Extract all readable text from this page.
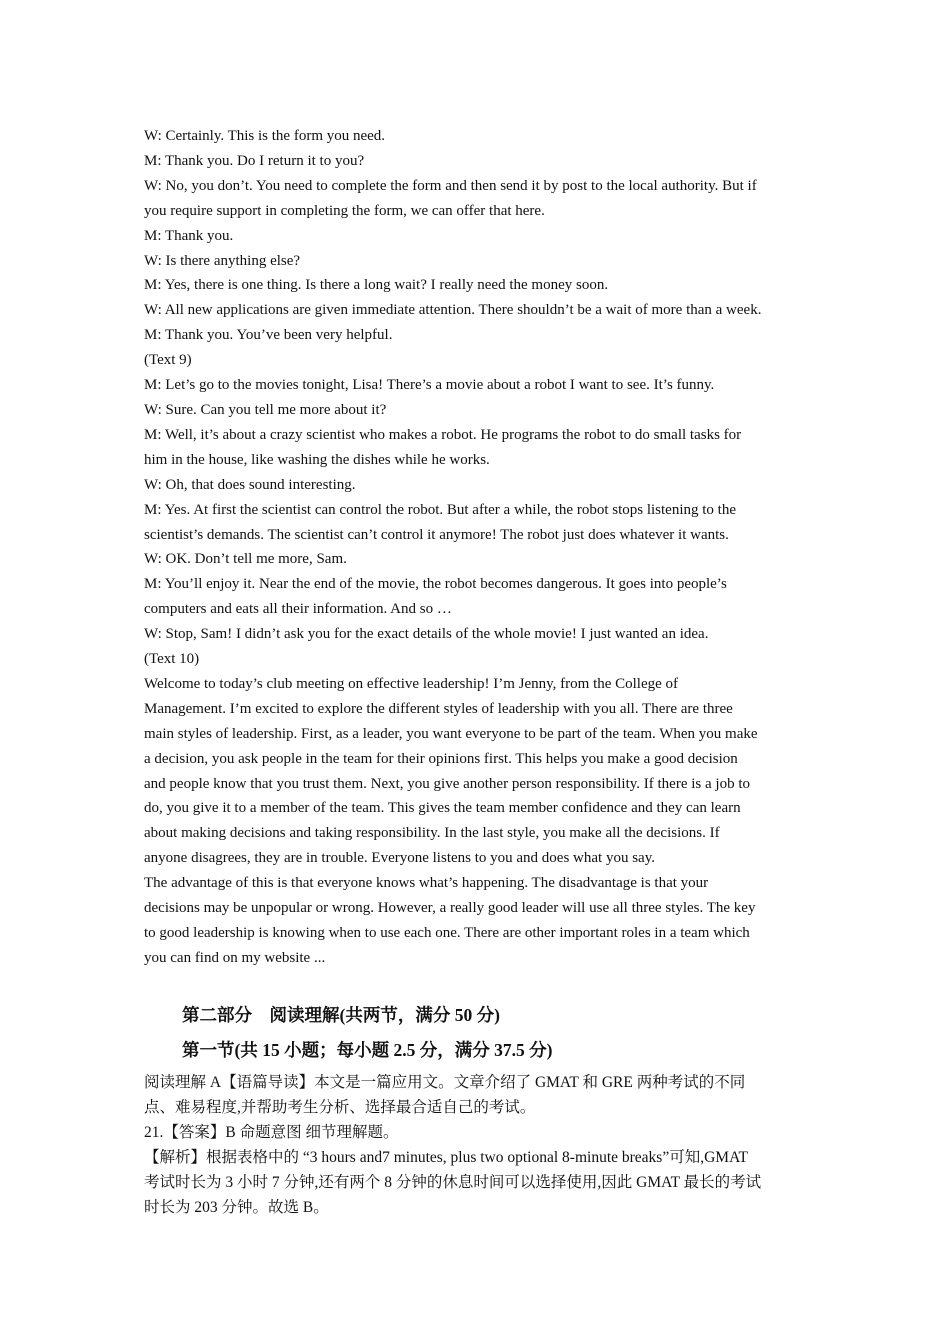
W: Certainly. This is the form you need.
M: Thank you. Do I return it to you?
W: No, you don’t. You need to complete the form and then send it by post to the local authority. But if
you require support in completing the form, we can offer that here.
M: Thank you.
W: Is there anything else?
M: Yes, there is one thing. Is there a long wait? I really need the money soon.
W: All new applications are given immediate attention. There shouldn’t be a wait of more than a week.
M: Thank you. You’ve been very helpful.
(Text 9)
M: Let’s go to the movies tonight, Lisa! There’s a movie about a robot I want to see. It’s funny.
W: Sure. Can you tell me more about it?
M: Well, it’s about a crazy scientist who makes a robot. He programs the robot to do small tasks for
him in the house, like washing the dishes while he works.
W: Oh, that does sound interesting.
M: Yes. At first the scientist can control the robot. But after a while, the robot stops listening to the
scientist’s demands. The scientist can’t control it anymore! The robot just does whatever it wants.
W: OK. Don’t tell me more, Sam.
M: You’ll enjoy it. Near the end of the movie, the robot becomes dangerous. It goes into people’s
computers and eats all their information. And so …
W: Stop, Sam! I didn’t ask you for the exact details of the whole movie! I just wanted an idea.
(Text 10)
Welcome to today’s club meeting on effective leadership! I’m Jenny, from the College of
Management. I’m excited to explore the different styles of leadership with you all. There are three
main styles of leadership. First, as a leader, you want everyone to be part of the team. When you make
a decision, you ask people in the team for their opinions first. This helps you make a good decision
and people know that you trust them. Next, you give another person responsibility. If there is a job to
do, you give it to a member of the team. This gives the team member confidence and they can learn
about making decisions and taking responsibility. In the last style, you make all the decisions. If
anyone disagrees, they are in trouble. Everyone listens to you and does what you say.
The advantage of this is that everyone knows what’s happening. The disadvantage is that your
decisions may be unpopular or wrong. However, a really good leader will use all three styles. The key
to good leadership is knowing when to use each one. There are other important roles in a team which
you can find on my website ...
第二部分    阅读理解(共两节，满分 50 分)
第一节(共 15 小题；每小题 2.5 分，满分 37.5 分)
阅读理解 A【语篇导读】本文是一篇应用文。文章介绍了 GMAT 和 GRE 两种考试的不同
点、难易程度,并帮助考生分析、选择最合适自己的考试。
21.【答案】B 命题意图 细节理解题。
【解析】根据表格中的 “3 hours and7 minutes, plus two optional 8-minute breaks”可知,GMAT
考试时长为 3 小时 7 分钟,还有两个 8 分钟的休息时间可以选择使用,因此 GMAT 最长的考试
时长为 203 分钟。故选 B。
